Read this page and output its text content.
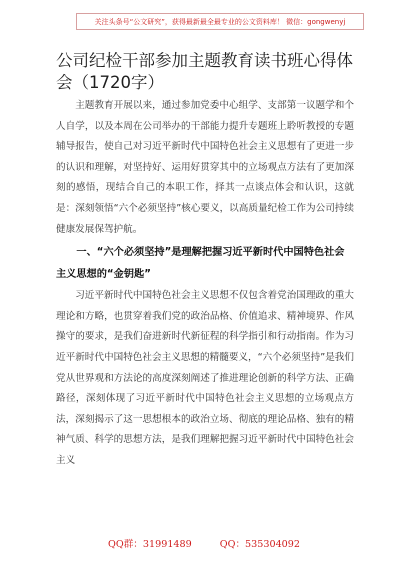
关注头条号“公文研究”，获得最新最全最专业的公文资料库！ 微信：gongwenyj
公司纪检干部参加主题教育读书班心得体会（1720字）

主题教育开展以来，通过参加党委中心组学、支部第一议题学和个人自学，以及本周在公司举办的干部能力提升专题班上聆听教授的专题辅导报告，使自己对习近平新时代中国特色社会主义思想有了更进一步的认识和理解，对坚持好、运用好贯穿其中的立场观点方法有了更加深刻的感悟，现结合自己的本职工作，择其一点谈点体会和认识，这就是：深刻领悟“六个必须坚持”核心要义，以高质量纪检工作为公司持续健康发展保驾护航。

一、“六个必须坚持”是理解把握习近平新时代中国特色社会主义思想的“金钥匙”

习近平新时代中国特色社会主义思想不仅包含着党治国理政的重大理论和方略，也贯穿着我们党的政治品格、价值追求、精神境界、作风操守的要求，是我们奋进新时代新征程的科学指引和行动指南。作为习近平新时代中国特色社会主义思想的精髓要义，“六个必须坚持”是我们党从世界观和方法论的高度深刻阐述了推进理论创新的科学方法、正确路径，深刻体现了习近平新时代中国特色社会主义思想的立场观点方法，深刻揭示了这一思想根本的政治立场、彻底的理论品格、独有的精神气质、科学的思想方法，是我们理解把握习近平新时代中国特色社会主义

QQ群：31991489	QQ：535304092
